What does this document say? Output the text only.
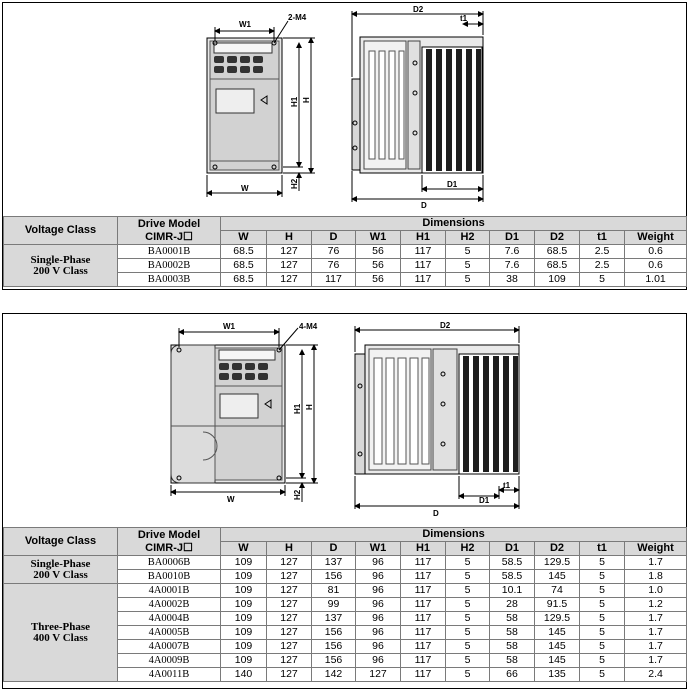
W1
2-M4
W
H1 H
H2
D2
t1
D1
D
Voltage Class	Drive Model
CIMR-J☐	Dimensions									
		W	H	D	W1	H1	H2	D1	D2	t1	Weight
Single-Phase
200 V Class	BA0001B	68.5	127	76	56	117	5	7.6	68.5	2.5	0.6
	BA0002B	68.5	127	76	56	117	5	7.6	68.5	2.5	0.6
	BA0003B	68.5	127	117	56	117	5	38	109	5	1.01
W1	4-M4
W
H1 H
H2
D2
t1
D1
D
Voltage Class	Drive Model
CIMR-J☐	Dimensions									
		W	H	D	W1	H1	H2	D1	D2	t1	Weight
Single-Phase
200 V Class	BA0006B	109	127	137	96	117	5	58.5	129.5	5	1.7
	BA0010B	109	127	156	96	117	5	58.5	145	5	1.8
Three-Phase
400 V Class	4A0001B	109	127	81	96	117	5	10.1	74	5	1.0
	4A0002B	109	127	99	96	117	5	28	91.5	5	1.2
	4A0004B	109	127	137	96	117	5	58	129.5	5	1.7
	4A0005B	109	127	156	96	117	5	58	145	5	1.7
	4A0007B	109	127	156	96	117	5	58	145	5	1.7
	4A0009B	109	127	156	96	117	5	58	145	5	1.7
	4A0011B	140	127	142	127	117	5	66	135	5	2.4
